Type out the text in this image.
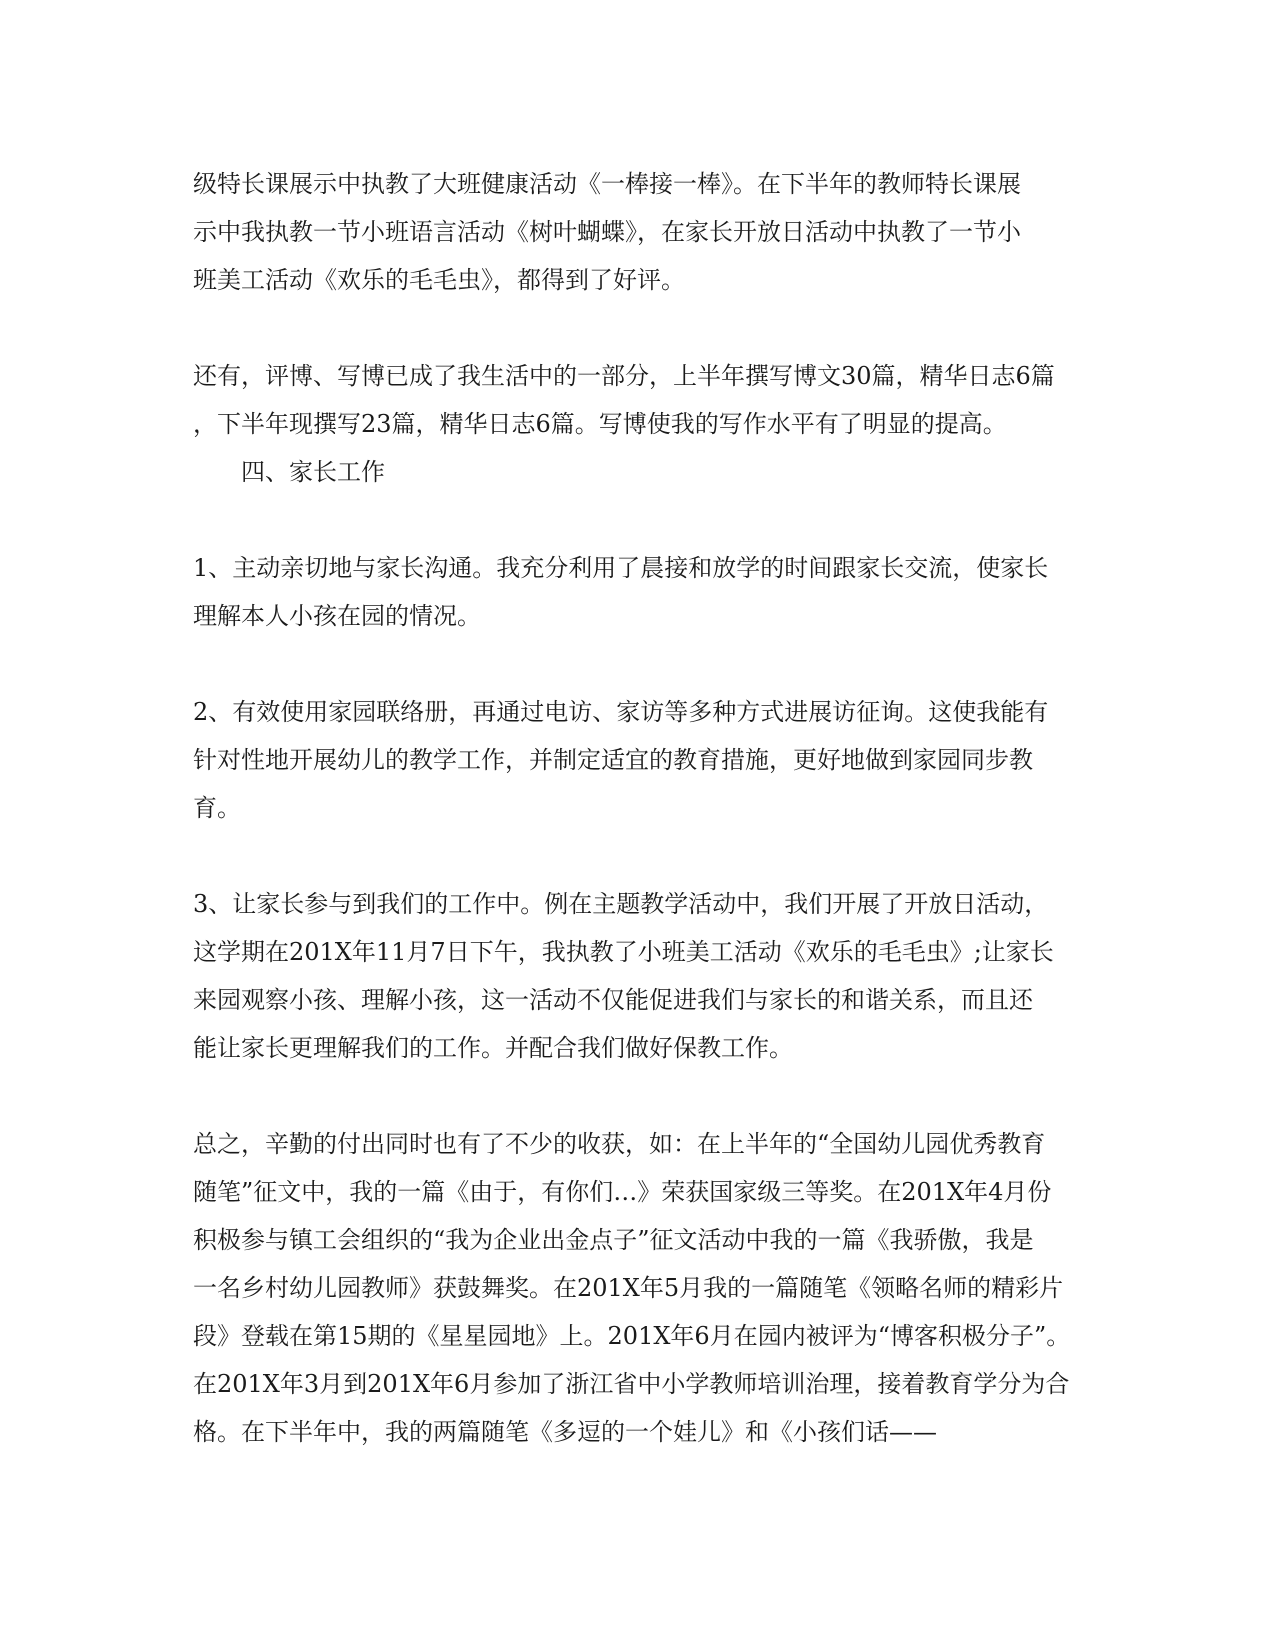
级特长课展示中执教了大班健康活动《一棒接一棒》。在下半年的教师特长课展
示中我执教一节小班语言活动《树叶蝴蝶》，在家长开放日活动中执教了一节小
班美工活动《欢乐的毛毛虫》，都得到了好评。
还有，评博、写博已成了我生活中的一部分，上半年撰写博文30篇，精华日志6篇
，下半年现撰写23篇，精华日志6篇。写博使我的写作水平有了明显的提高。
四、家长工作
1、主动亲切地与家长沟通。我充分利用了晨接和放学的时间跟家长交流，使家长
理解本人小孩在园的情况。
2、有效使用家园联络册，再通过电访、家访等多种方式进展访征询。这使我能有
针对性地开展幼儿的教学工作，并制定适宜的教育措施，更好地做到家园同步教
育。
3、让家长参与到我们的工作中。例在主题教学活动中，我们开展了开放日活动，
这学期在201X年11月7日下午，我执教了小班美工活动《欢乐的毛毛虫》;让家长
来园观察小孩、理解小孩，这一活动不仅能促进我们与家长的和谐关系，而且还
能让家长更理解我们的工作。并配合我们做好保教工作。
总之，辛勤的付出同时也有了不少的收获，如：在上半年的“全国幼儿园优秀教育
随笔”征文中，我的一篇《由于，有你们…》荣获国家级三等奖。在201X年4月份
积极参与镇工会组织的“我为企业出金点子”征文活动中我的一篇《我骄傲，我是
一名乡村幼儿园教师》获鼓舞奖。在201X年5月我的一篇随笔《领略名师的精彩片
段》登载在第15期的《星星园地》上。201X年6月在园内被评为“博客积极分子”。
在201X年3月到201X年6月参加了浙江省中小学教师培训治理，接着教育学分为合
格。在下半年中，我的两篇随笔《多逗的一个娃儿》和《小孩们话——
